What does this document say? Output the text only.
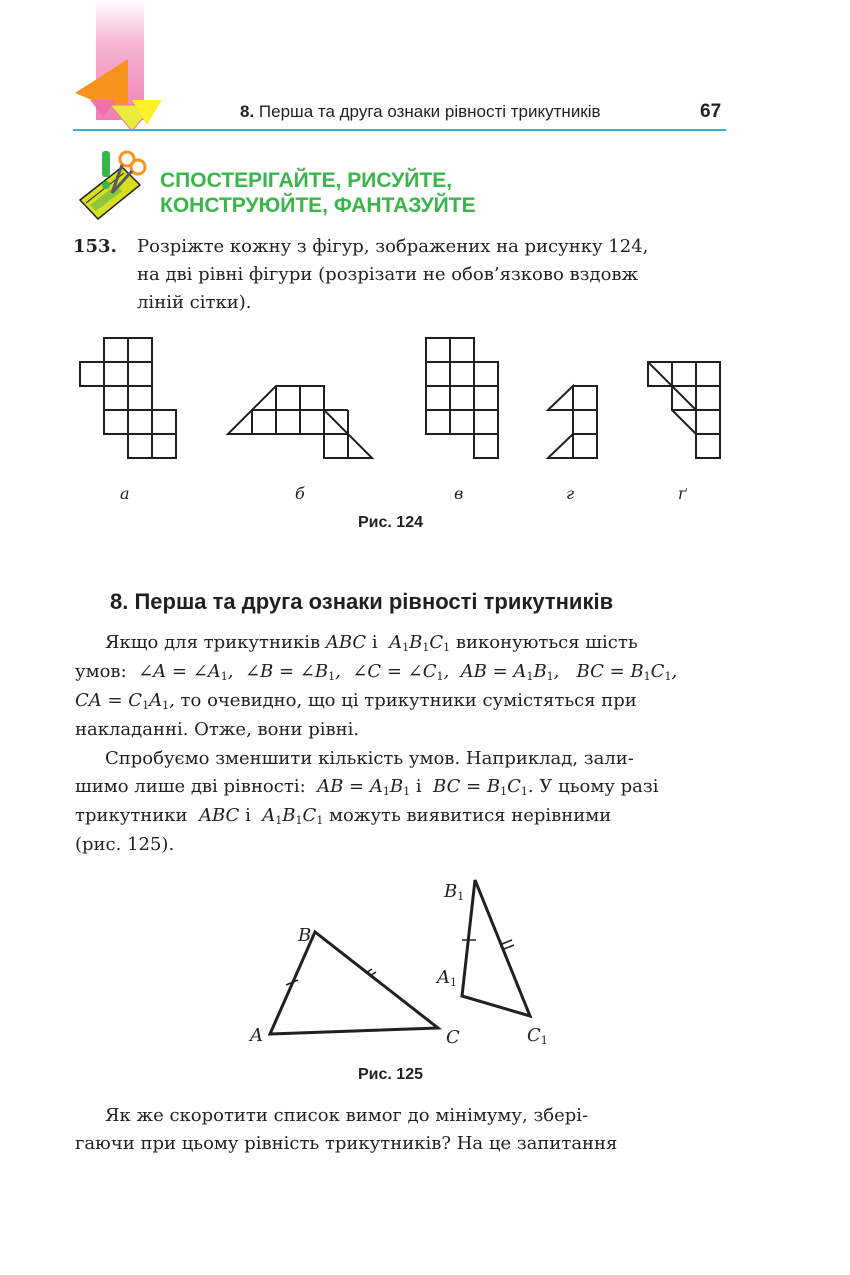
8. Перша та друга ознаки рівності трикутників	67
СПОСТЕРІГАЙТЕ, РИСУЙТЕ,
КОНСТРУЮЙТЕ, ФАНТАЗУЙТЕ
153. Розріжте кожну з фігур, зображених на рисунку 124,
на дві рівні фігури (розрізати не обов’язково вздовж
ліній сітки).
а	б	в	г	ґ
Рис. 124
8. Перша та друга ознаки рівності трикутників
Якщо для трикутників ABC і  $A_1B_1C_1$ виконуються шість
умов:  ∠A = $\angle A_1$,  ∠B = $\angle B_1$,  ∠C = $\angle C_1$,  AB = $A_1B_1$,   BC = $B_1C_1$,
CA = $C_1A_1$, то очевидно, що ці трикутники сумістяться при
накладанні. Отже, вони рівні.
Спробуємо зменшити кількість умов. Наприклад, зали-
шимо лише дві рівності:  AB = $A_1B_1$ і  BC = $B_1C_1$. У цьому разі
трикутники  ABC і  $A_1B_1C_1$ можуть виявитися нерівними
(рис. 125).
A
B
C
$B_1$
$A_1$
$C_1$
Рис. 125
Як же скоротити список вимог до мінімуму, збері-
гаючи при цьому рівність трикутників? На це запитання
